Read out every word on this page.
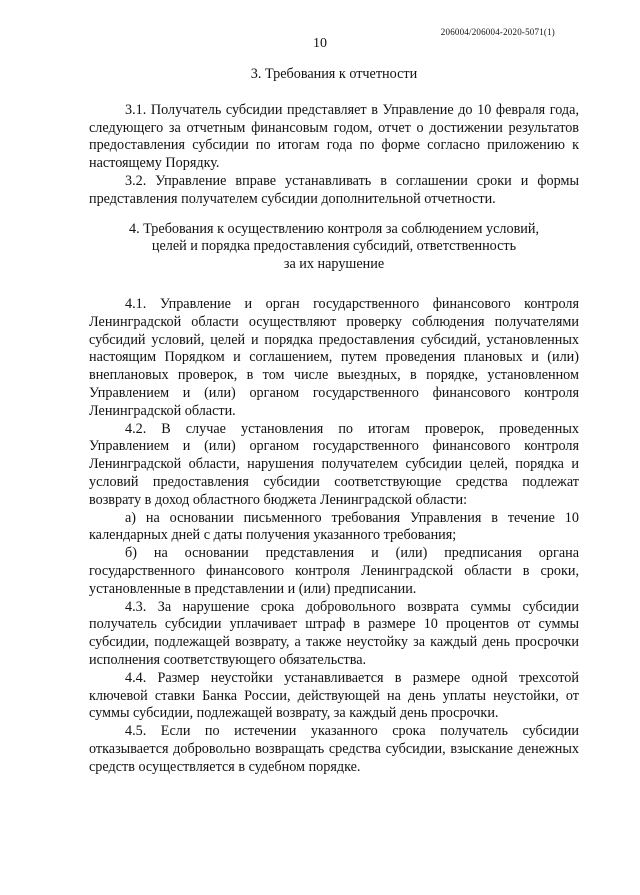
206004/206004-2020-5071(1)
10
3. Требования к отчетности

3.1. Получатель субсидии представляет в Управление до 10 февраля года, следующего за отчетным финансовым годом, отчет о достижении результатов предоставления субсидии по итогам года по форме согласно приложению к настоящему Порядку.

3.2. Управление вправе устанавливать в соглашении сроки и формы представления получателем субсидии дополнительной отчетности.

4. Требования к осуществлению контроля за соблюдением условий,
целей и порядка предоставления субсидий, ответственность
за их нарушение

4.1. Управление и орган государственного финансового контроля Ленинградской области осуществляют проверку соблюдения получателями субсидий условий, целей и порядка предоставления субсидий, установленных настоящим Порядком и соглашением, путем проведения плановых и (или) внеплановых проверок, в том числе выездных, в порядке, установленном Управлением и (или) органом государственного финансового контроля Ленинградской области.

4.2. В случае установления по итогам проверок, проведенных Управлением и (или) органом государственного финансового контроля Ленинградской области, нарушения получателем субсидии целей, порядка и условий предоставления субсидии соответствующие средства подлежат возврату в доход областного бюджета Ленинградской области:

а) на основании письменного требования Управления в течение 10 календарных дней с даты получения указанного требования;

б) на основании представления и (или) предписания органа государственного финансового контроля Ленинградской области в сроки, установленные в представлении и (или) предписании.

4.3. За нарушение срока добровольного возврата суммы субсидии получатель субсидии уплачивает штраф в размере 10 процентов от суммы субсидии, подлежащей возврату, а также неустойку за каждый день просрочки исполнения соответствующего обязательства.

4.4. Размер неустойки устанавливается в размере одной трехсотой ключевой ставки Банка России, действующей на день уплаты неустойки, от суммы субсидии, подлежащей возврату, за каждый день просрочки.

4.5. Если по истечении указанного срока получатель субсидии отказывается добровольно возвращать средства субсидии, взыскание денежных средств осуществляется в судебном порядке.
